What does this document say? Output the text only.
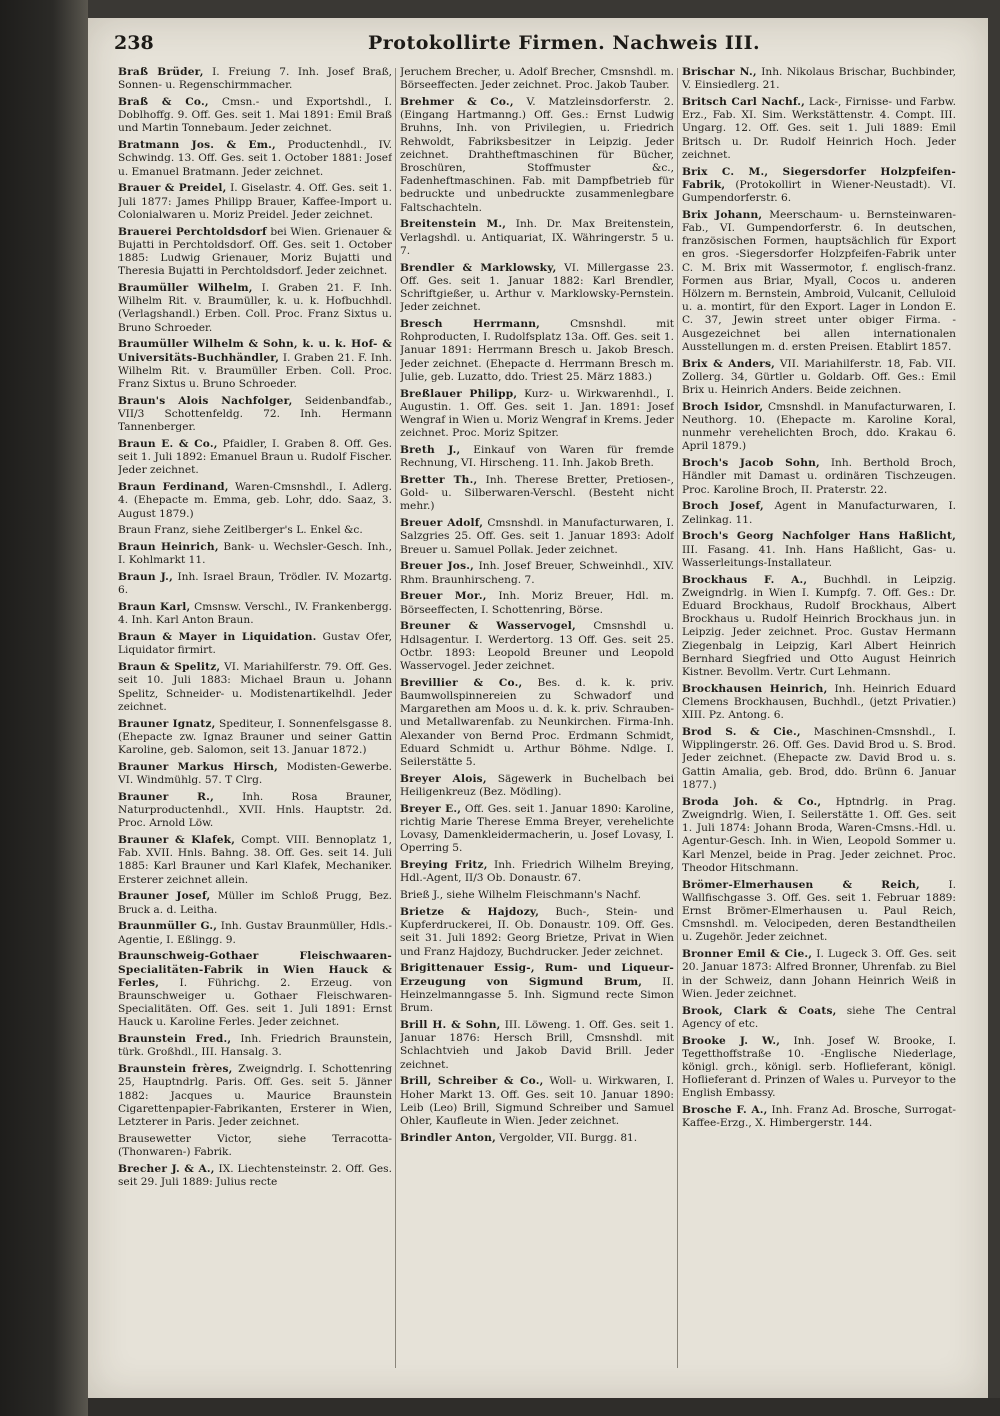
238	Protokollirte Firmen. Nachweis III.

Braß Brüder, I. Freiung 7. Inh. Josef Braß, Sonnen- u. Regenschirmmacher.

Braß & Co., Cmsn.- und Exportshdl., I. Doblhoffg. 9. Off. Ges. seit 1. Mai 1891: Emil Braß und Martin Tonnebaum. Jeder zeichnet.

Bratmann Jos. & Em., Productenhdl., IV. Schwindg. 13. Off. Ges. seit 1. October 1881: Josef u. Emanuel Bratmann. Jeder zeichnet.

Brauer & Preidel, I. Giselastr. 4. Off. Ges. seit 1. Juli 1877: James Philipp Brauer, Kaffee-Import u. Colonialwaren u. Moriz Preidel. Jeder zeichnet.

Brauerei Perchtoldsdorf bei Wien. Grienauer & Bujatti in Perchtoldsdorf. Off. Ges. seit 1. October 1885: Ludwig Grienauer, Moriz Bujatti und Theresia Bujatti in Perchtoldsdorf. Jeder zeichnet.

Braumüller Wilhelm, I. Graben 21. F. Inh. Wilhelm Rit. v. Braumüller, k. u. k. Hofbuchhdl. (Verlagshandl.) Erben. Coll. Proc. Franz Sixtus u. Bruno Schroeder.

Braumüller Wilhelm & Sohn, k. u. k. Hof- & Universitäts-Buchhändler, I. Graben 21. F. Inh. Wilhelm Rit. v. Braumüller Erben. Coll. Proc. Franz Sixtus u. Bruno Schroeder.

Braun's Alois Nachfolger, Seidenbandfab., VII/3 Schottenfeldg. 72. Inh. Hermann Tannenberger.

Braun E. & Co., Pfaidler, I. Graben 8. Off. Ges. seit 1. Juli 1892: Emanuel Braun u. Rudolf Fischer. Jeder zeichnet.

Braun Ferdinand, Waren-Cmsnshdl., I. Adlerg. 4. (Ehepacte m. Emma, geb. Lohr, ddo. Saaz, 3. August 1879.)

Braun Franz, siehe Zeitlberger's L. Enkel &c.

Braun Heinrich, Bank- u. Wechsler-Gesch. Inh., I. Kohlmarkt 11.

Braun J., Inh. Israel Braun, Trödler. IV. Mozartg. 6.

Braun Karl, Cmsnsw. Verschl., IV. Frankenbergg. 4. Inh. Karl Anton Braun.

Braun & Mayer in Liquidation. Gustav Ofer, Liquidator firmirt.

Braun & Spelitz, VI. Mariahilferstr. 79. Off. Ges. seit 10. Juli 1883: Michael Braun u. Johann Spelitz, Schneider- u. Modistenartikelhdl. Jeder zeichnet.

Brauner Ignatz, Spediteur, I. Sonnenfelsgasse 8. (Ehepacte zw. Ignaz Brauner und seiner Gattin Karoline, geb. Salomon, seit 13. Januar 1872.)

Brauner Markus Hirsch, Modisten-Gewerbe. VI. Windmühlg. 57. T Clrg.

Brauner R., Inh. Rosa Brauner, Naturproductenhdl., XVII. Hnls. Hauptstr. 2d. Proc. Arnold Löw.

Brauner & Klafek, Compt. VIII. Bennoplatz 1, Fab. XVII. Hnls. Bahng. 38. Off. Ges. seit 14. Juli 1885: Karl Brauner und Karl Klafek, Mechaniker. Ersterer zeichnet allein.

Brauner Josef, Müller im Schloß Prugg, Bez. Bruck a. d. Leitha.

Braunmüller G., Inh. Gustav Braunmüller, Hdls.-Agentie, I. Eßlingg. 9.

Braunschweig-Gothaer Fleischwaaren-Specialitäten-Fabrik in Wien Hauck & Ferles, I. Führichg. 2. Erzeug. von Braunschweiger u. Gothaer Fleischwaren-Specialitäten. Off. Ges. seit 1. Juli 1891: Ernst Hauck u. Karoline Ferles. Jeder zeichnet.

Braunstein Fred., Inh. Friedrich Braunstein, türk. Großhdl., III. Hansalg. 3.

Braunstein frères, Zweigndrlg. I. Schottenring 25, Hauptndrlg. Paris. Off. Ges. seit 5. Jänner 1882: Jacques u. Maurice Braunstein Cigarettenpapier-Fabrikanten, Ersterer in Wien, Letzterer in Paris. Jeder zeichnet.

Brausewetter Victor, siehe Terracotta-(Thonwaren-) Fabrik.

Brecher J. & A., IX. Liechtensteinstr. 2. Off. Ges. seit 29. Juli 1889: Julius recte

Jeruchem Brecher, u. Adolf Brecher, Cmsnshdl. m. Börseeffecten. Jeder zeichnet. Proc. Jakob Tauber.

Brehmer & Co., V. Matzleinsdorferstr. 2. (Eingang Hartmanng.) Off. Ges.: Ernst Ludwig Bruhns, Inh. von Privilegien, u. Friedrich Rehwoldt, Fabriksbesitzer in Leipzig. Jeder zeichnet. Drahtheftmaschinen für Bücher, Broschüren, Stoffmuster &c., Fadenheftmaschinen. Fab. mit Dampfbetrieb für bedruckte und unbedruckte zusammenlegbare Faltschachteln.

Breitenstein M., Inh. Dr. Max Breitenstein, Verlagshdl. u. Antiquariat, IX. Währingerstr. 5 u. 7.

Brendler & Marklowsky, VI. Millergasse 23. Off. Ges. seit 1. Januar 1882: Karl Brendler, Schriftgießer, u. Arthur v. Marklowsky-Pernstein. Jeder zeichnet.

Bresch Herrmann, Cmsnshdl. mit Rohproducten, I. Rudolfsplatz 13a. Off. Ges. seit 1. Januar 1891: Herrmann Bresch u. Jakob Bresch. Jeder zeichnet. (Ehepacte d. Herrmann Bresch m. Julie, geb. Luzatto, ddo. Triest 25. März 1883.)

Breßlauer Philipp, Kurz- u. Wirkwarenhdl., I. Augustin. 1. Off. Ges. seit 1. Jan. 1891: Josef Wengraf in Wien u. Moriz Wengraf in Krems. Jeder zeichnet. Proc. Moriz Spitzer.

Breth J., Einkauf von Waren für fremde Rechnung, VI. Hirscheng. 11. Inh. Jakob Breth.

Bretter Th., Inh. Therese Bretter, Pretiosen-, Gold- u. Silberwaren-Verschl. (Besteht nicht mehr.)

Breuer Adolf, Cmsnshdl. in Manufacturwaren, I. Salzgries 25. Off. Ges. seit 1. Januar 1893: Adolf Breuer u. Samuel Pollak. Jeder zeichnet.

Breuer Jos., Inh. Josef Breuer, Schweinhdl., XIV. Rhm. Braunhirscheng. 7.

Breuer Mor., Inh. Moriz Breuer, Hdl. m. Börseeffecten, I. Schottenring, Börse.

Breuner & Wasservogel, Cmsnshdl u. Hdlsagentur. I. Werdertorg. 13 Off. Ges. seit 25. Octbr. 1893: Leopold Breuner und Leopold Wasservogel. Jeder zeichnet.

Brevillier & Co., Bes. d. k. k. priv. Baumwollspinnereien zu Schwadorf und Margarethen am Moos u. d. k. k. priv. Schrauben- und Metallwarenfab. zu Neunkirchen. Firma-Inh. Alexander von Bernd Proc. Erdmann Schmidt, Eduard Schmidt u. Arthur Böhme. Ndlge. I. Seilerstätte 5.

Breyer Alois, Sägewerk in Buchelbach bei Heiligenkreuz (Bez. Mödling).

Breyer E., Off. Ges. seit 1. Januar 1890: Karoline, richtig Marie Therese Emma Breyer, verehelichte Lovasy, Damenkleidermacherin, u. Josef Lovasy, I. Operring 5.

Breying Fritz, Inh. Friedrich Wilhelm Breying, Hdl.-Agent, II/3 Ob. Donaustr. 67.

Brieß J., siehe Wilhelm Fleischmann's Nachf.

Brietze & Hajdozy, Buch-, Stein- und Kupferdruckerei, II. Ob. Donaustr. 109. Off. Ges. seit 31. Juli 1892: Georg Brietze, Privat in Wien und Franz Hajdozy, Buchdrucker. Jeder zeichnet.

Brigittenauer Essig-, Rum- und Liqueur-Erzeugung von Sigmund Brum, II. Heinzelmanngasse 5. Inh. Sigmund recte Simon Brum.

Brill H. & Sohn, III. Löweng. 1. Off. Ges. seit 1. Januar 1876: Hersch Brill, Cmsnshdl. mit Schlachtvieh und Jakob David Brill. Jeder zeichnet.

Brill, Schreiber & Co., Woll- u. Wirkwaren, I. Hoher Markt 13. Off. Ges. seit 10. Januar 1890: Leib (Leo) Brill, Sigmund Schreiber und Samuel Ohler, Kaufleute in Wien. Jeder zeichnet.

Brindler Anton, Vergolder, VII. Burgg. 81.

Brischar N., Inh. Nikolaus Brischar, Buchbinder, V. Einsiedlerg. 21.

Britsch Carl Nachf., Lack-, Firnisse- und Farbw. Erz., Fab. XI. Sim. Werkstättenstr. 4. Compt. III. Ungarg. 12. Off. Ges. seit 1. Juli 1889: Emil Britsch u. Dr. Rudolf Heinrich Hoch. Jeder zeichnet.

Brix C. M., Siegersdorfer Holzpfeifen-Fabrik, (Protokollirt in Wiener-Neustadt). VI. Gumpendorferstr. 6.

Brix Johann, Meerschaum- u. Bernsteinwaren-Fab., VI. Gumpendorferstr. 6. In deutschen, französischen Formen, hauptsächlich für Export en gros. -Siegersdorfer Holzpfeifen-Fabrik unter C. M. Brix mit Wassermotor, f. englisch-franz. Formen aus Briar, Myall, Cocos u. anderen Hölzern m. Bernstein, Ambroid, Vulcanit, Celluloid u. a. montirt, für den Export. Lager in London E. C. 37, Jewin street unter obiger Firma. -Ausgezeichnet bei allen internationalen Ausstellungen m. d. ersten Preisen. Etablirt 1857.

Brix & Anders, VII. Mariahilferstr. 18, Fab. VII. Zollerg. 34, Gürtler u. Goldarb. Off. Ges.: Emil Brix u. Heinrich Anders. Beide zeichnen.

Broch Isidor, Cmsnshdl. in Manufacturwaren, I. Neuthorg. 10. (Ehepacte m. Karoline Koral, nunmehr verehelichten Broch, ddo. Krakau 6. April 1879.)

Broch's Jacob Sohn, Inh. Berthold Broch, Händler mit Damast u. ordinären Tischzeugen. Proc. Karoline Broch, II. Praterstr. 22.

Broch Josef, Agent in Manufacturwaren, I. Zelinkag. 11.

Broch's Georg Nachfolger Hans Haßlicht, III. Fasang. 41. Inh. Hans Haßlicht, Gas- u. Wasserleitungs-Installateur.

Brockhaus F. A., Buchhdl. in Leipzig. Zweigndrlg. in Wien I. Kumpfg. 7. Off. Ges.: Dr. Eduard Brockhaus, Rudolf Brockhaus, Albert Brockhaus u. Rudolf Heinrich Brockhaus jun. in Leipzig. Jeder zeichnet. Proc. Gustav Hermann Ziegenbalg in Leipzig, Karl Albert Heinrich Bernhard Siegfried und Otto August Heinrich Kistner. Bevollm. Vertr. Curt Lehmann.

Brockhausen Heinrich, Inh. Heinrich Eduard Clemens Brockhausen, Buchhdl., (jetzt Privatier.) XIII. Pz. Antong. 6.

Brod S. & Cie., Maschinen-Cmsnshdl., I. Wipplingerstr. 26. Off. Ges. David Brod u. S. Brod. Jeder zeichnet. (Ehepacte zw. David Brod u. s. Gattin Amalia, geb. Brod, ddo. Brünn 6. Januar 1877.)

Broda Joh. & Co., Hptndrlg. in Prag. Zweigndrlg. Wien, I. Seilerstätte 1. Off. Ges. seit 1. Juli 1874: Johann Broda, Waren-Cmsns.-Hdl. u. Agentur-Gesch. Inh. in Wien, Leopold Sommer u. Karl Menzel, beide in Prag. Jeder zeichnet. Proc. Theodor Hitschmann.

Brömer-Elmerhausen & Reich, I. Wallfischgasse 3. Off. Ges. seit 1. Februar 1889: Ernst Brömer-Elmerhausen u. Paul Reich, Cmsnshdl. m. Velocipeden, deren Bestandtheilen u. Zugehör. Jeder zeichnet.

Bronner Emil & Cie., I. Lugeck 3. Off. Ges. seit 20. Januar 1873: Alfred Bronner, Uhrenfab. zu Biel in der Schweiz, dann Johann Heinrich Weiß in Wien. Jeder zeichnet.

Brook, Clark & Coats, siehe The Central Agency of etc.

Brooke J. W., Inh. Josef W. Brooke, I. Tegetthoffstraße 10. -Englische Niederlage, königl. grch., königl. serb. Hoflieferant, königl. Hoflieferant d. Prinzen of Wales u. Purveyor to the English Embassy.

Brosche F. A., Inh. Franz Ad. Brosche, Surrogat-Kaffee-Erzg., X. Himbergerstr. 144.
